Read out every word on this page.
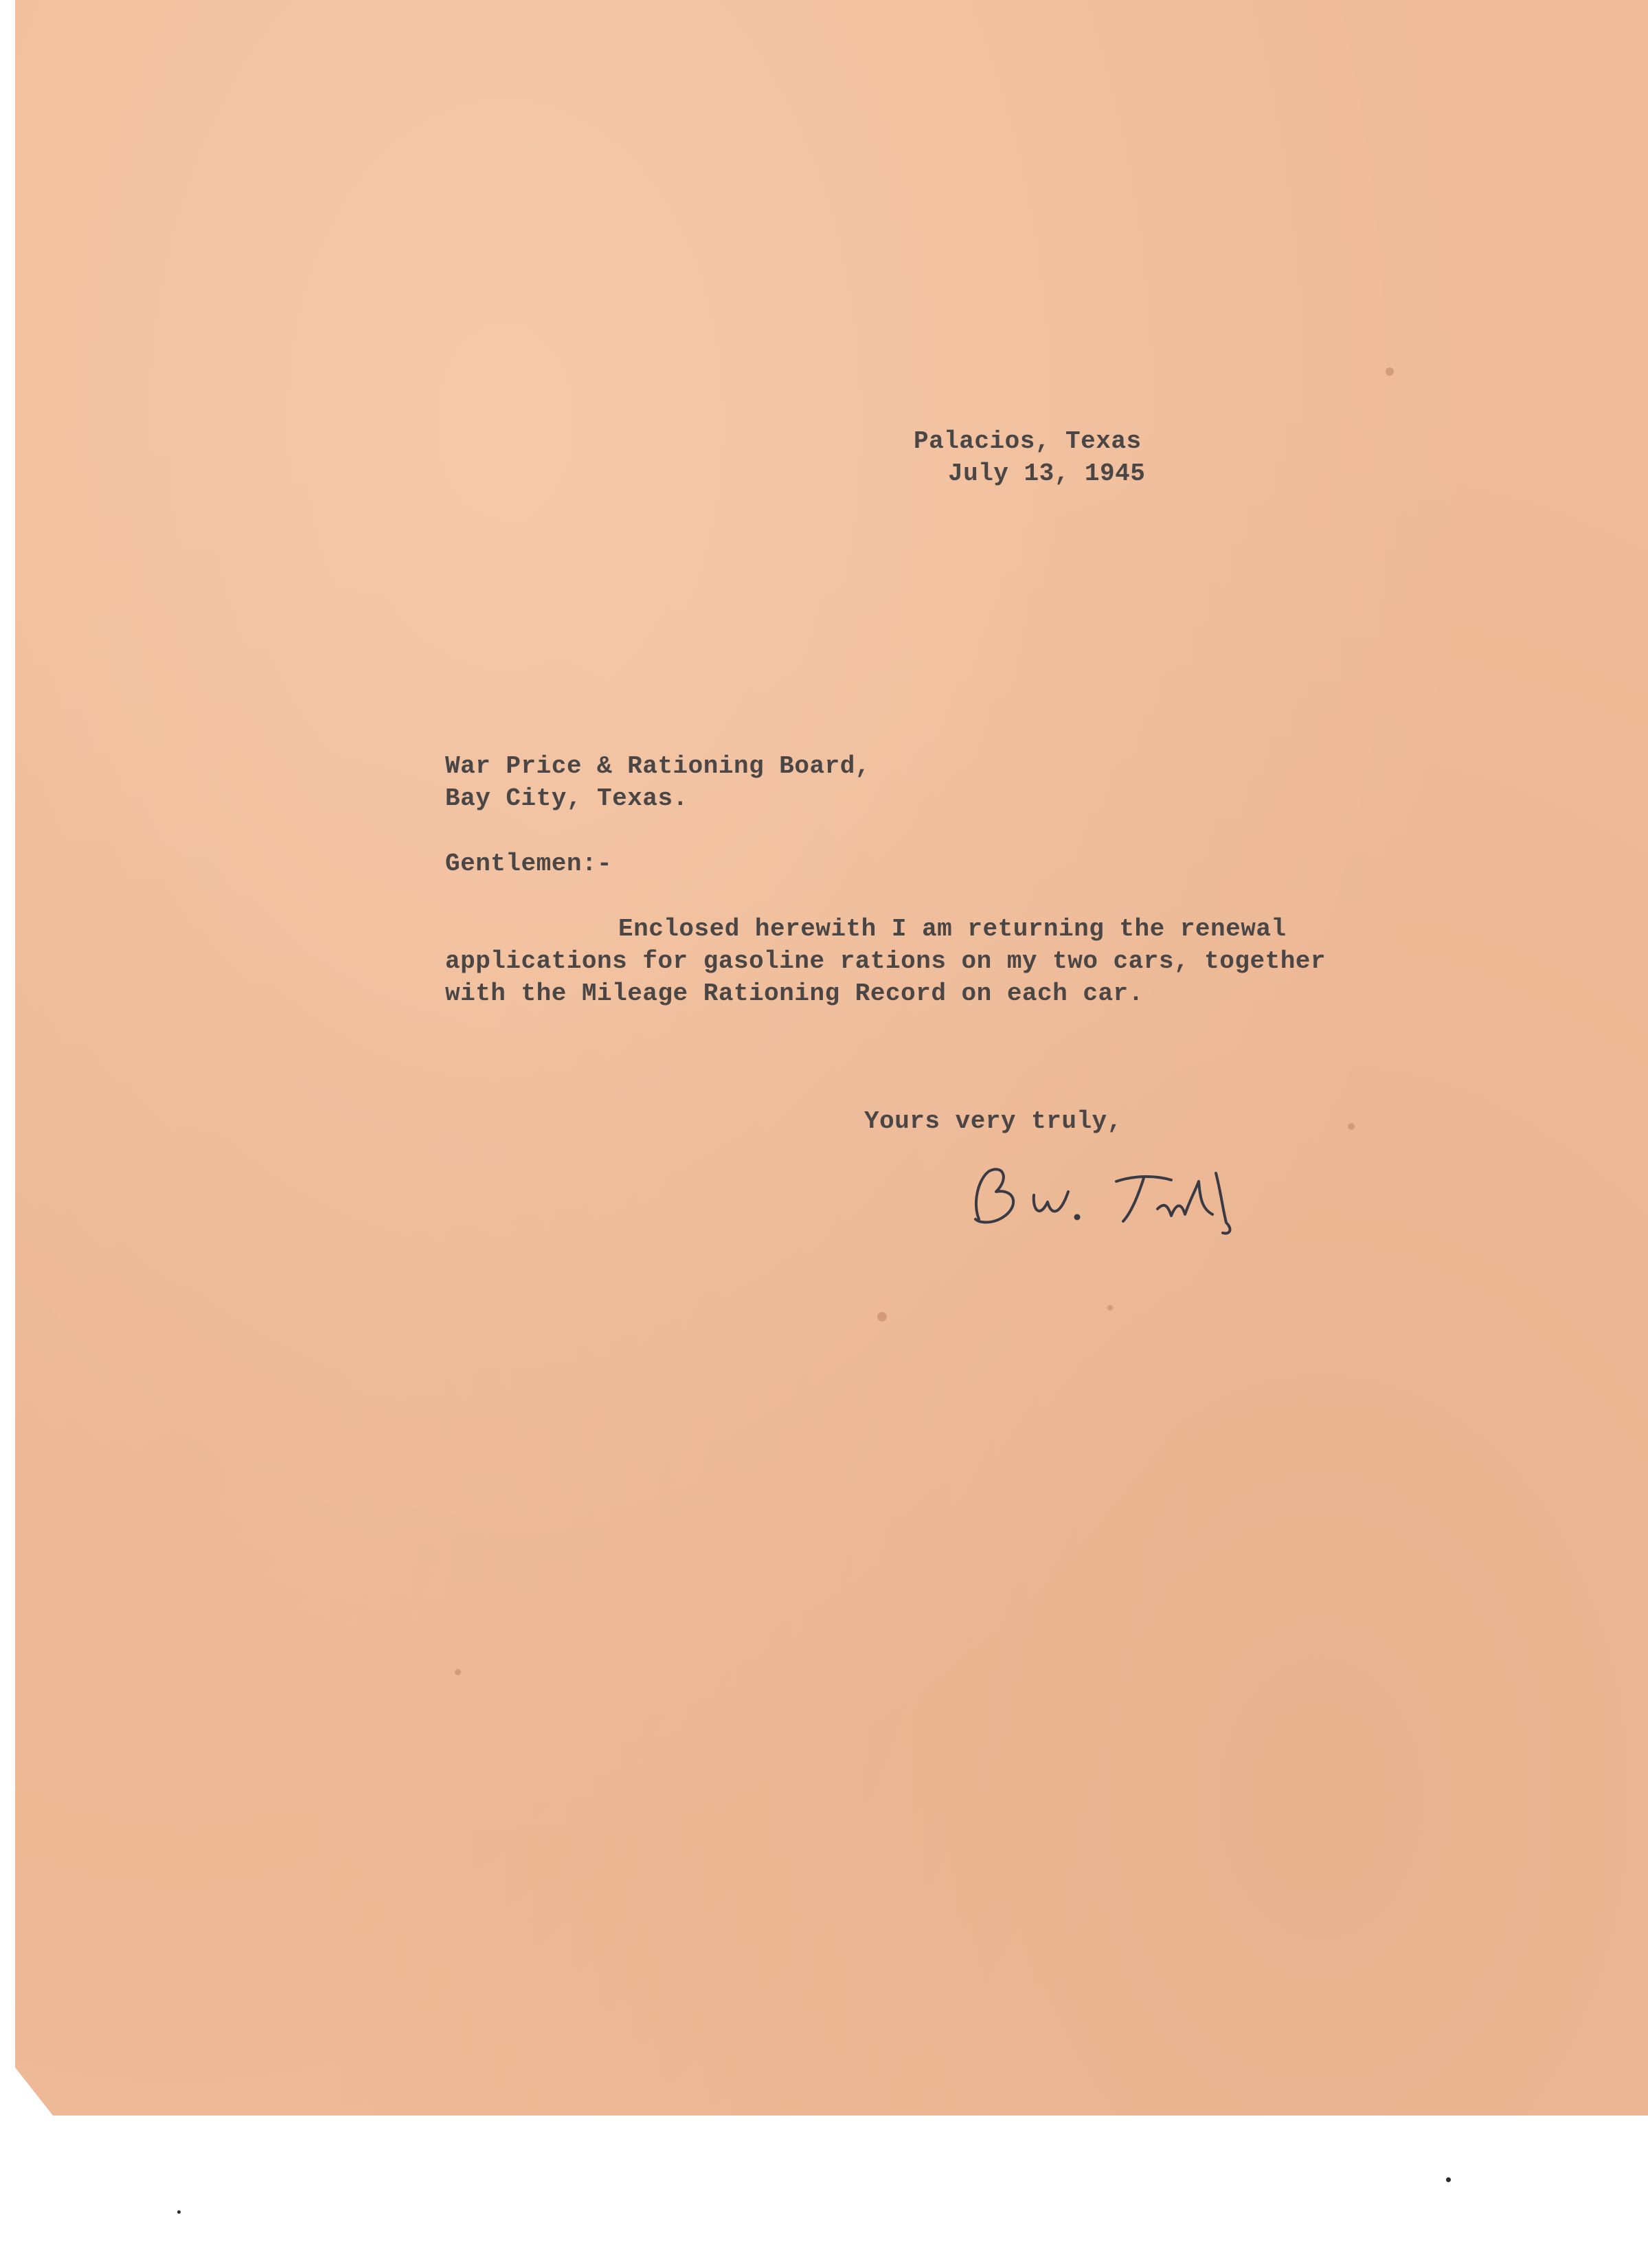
Palacios, Texas
July 13, 1945
War Price & Rationing Board,
Bay City, Texas.
Gentlemen:-
Enclosed herewith I am returning the renewal
applications for gasoline rations on my two cars, together
with the Mileage Rationing Record on each car.
Yours very truly,
